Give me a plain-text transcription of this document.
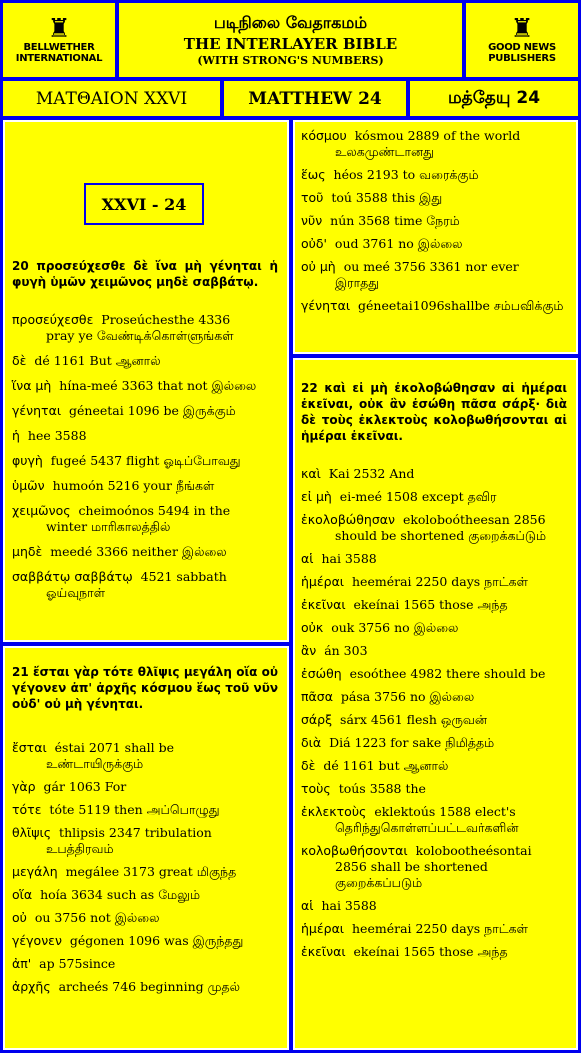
♜
BELLWETHER
INTERNATIONAL
படிநிலை வேதாகமம்
THE INTERLAYER BIBLE
(WITH STRONG'S NUMBERS)
♜
GOOD NEWS
PUBLISHERS
ΜΑΤΘΑΙΟΝ XXVI	MATTHEW 24	மத்தேயு 24
XXVI - 24
20 προσεύχεσθε δὲ ἵνα μὴ γένηται ἡ φυγὴ ὑμῶν χειμῶνος μηδὲ σαββάτῳ.
προσεύχεσθε Proseúchesthe 4336
pray ye வேண்டிக்கொள்ளுங்கள்
δὲ dé 1161 But ஆனால்
ἵνα μὴ hína-meé 3363 that not இல்லை
γένηται géneetai 1096 be இருக்கும்
ἡ hee 3588
φυγὴ fugeé 5437 flight ஓடிப்போவது
ὑμῶν humoón 5216 your நீங்கள்
χειμῶνος cheimoónos 5494 in the
winter மாரிகாலத்தில்
μηδὲ meedé 3366 neither இல்லை
σαββάτῳ σαββάτῳ 4521 sabbath
ஓய்வுநாள்
21 ἔσται γὰρ τότε θλῖψις μεγάλη οἵα οὐ γέγονεν ἀπ' ἀρχῆς κόσμου ἕως τοῦ νῦν οὐδ' οὐ μὴ γένηται.
ἔσται éstai 2071 shall be
உண்டாயிருக்கும்
γὰρ gár 1063 For
τότε tóte 5119 then அப்பொழுது
θλῖψις thlipsis 2347 tribulation
உபத்திரவம்
μεγάλη megálee 3173 great மிகுந்த
οἵα hoía 3634 such as மேலும்
οὐ ou 3756 not இல்லை
γέγονεν gégonen 1096 was இருந்தது
ἀπ' ap 575since
ἀρχῆς archeés 746 beginning முதல்
κόσμου kósmou 2889 of the world
உலகமுண்டானது
ἕως héos 2193 to வரைக்கும்
τοῦ toú 3588 this இது
νῦν nún 3568 time நேரம்
οὐδ' oud 3761 no இல்லை
οὐ μὴ ou meé 3756 3361 nor ever
இராதது
γένηται géneetai1096shallbe சம்பவிக்கும்
22 καὶ εἰ μὴ ἐκολοβώθησαν αἱ ἡμέραι ἐκεῖναι, οὐκ ἂν ἐσώθη πᾶσα σάρξ· διὰ δὲ τοὺς ἐκλεκτοὺς κολοβωθήσονται αἱ ἡμέραι ἐκεῖναι.
καὶ Kai 2532 And
εἰ μὴ ei-meé 1508 except தவிர
ἐκολοβώθησαν ekoloboótheesan 2856
should be shortened குறைக்கப்டும்
αἱ hai 3588
ἡμέραι heemérai 2250 days நாட்கள்
ἐκεῖναι ekeínai 1565 those அந்த
οὐκ ouk 3756 no இல்லை
ἂν án 303
ἐσώθη esoóthee 4982 there should be
πᾶσα pása 3756 no இல்லை
σάρξ sárx 4561 flesh ஒருவன்
διὰ Diá 1223 for sake நிமித்தம்
δὲ dé 1161 but ஆனால்
τοὺς toús 3588 the
ἐκλεκτοὺς eklektoús 1588 elect's
தெரிந்துகொள்ளப்பட்டவர்களின்
κολοβωθήσονται kolobootheésontai
2856 shall be shortened குறைக்கப்படும்
αἱ hai 3588
ἡμέραι heemérai 2250 days நாட்கள்
ἐκεῖναι ekeínai 1565 those அந்த
